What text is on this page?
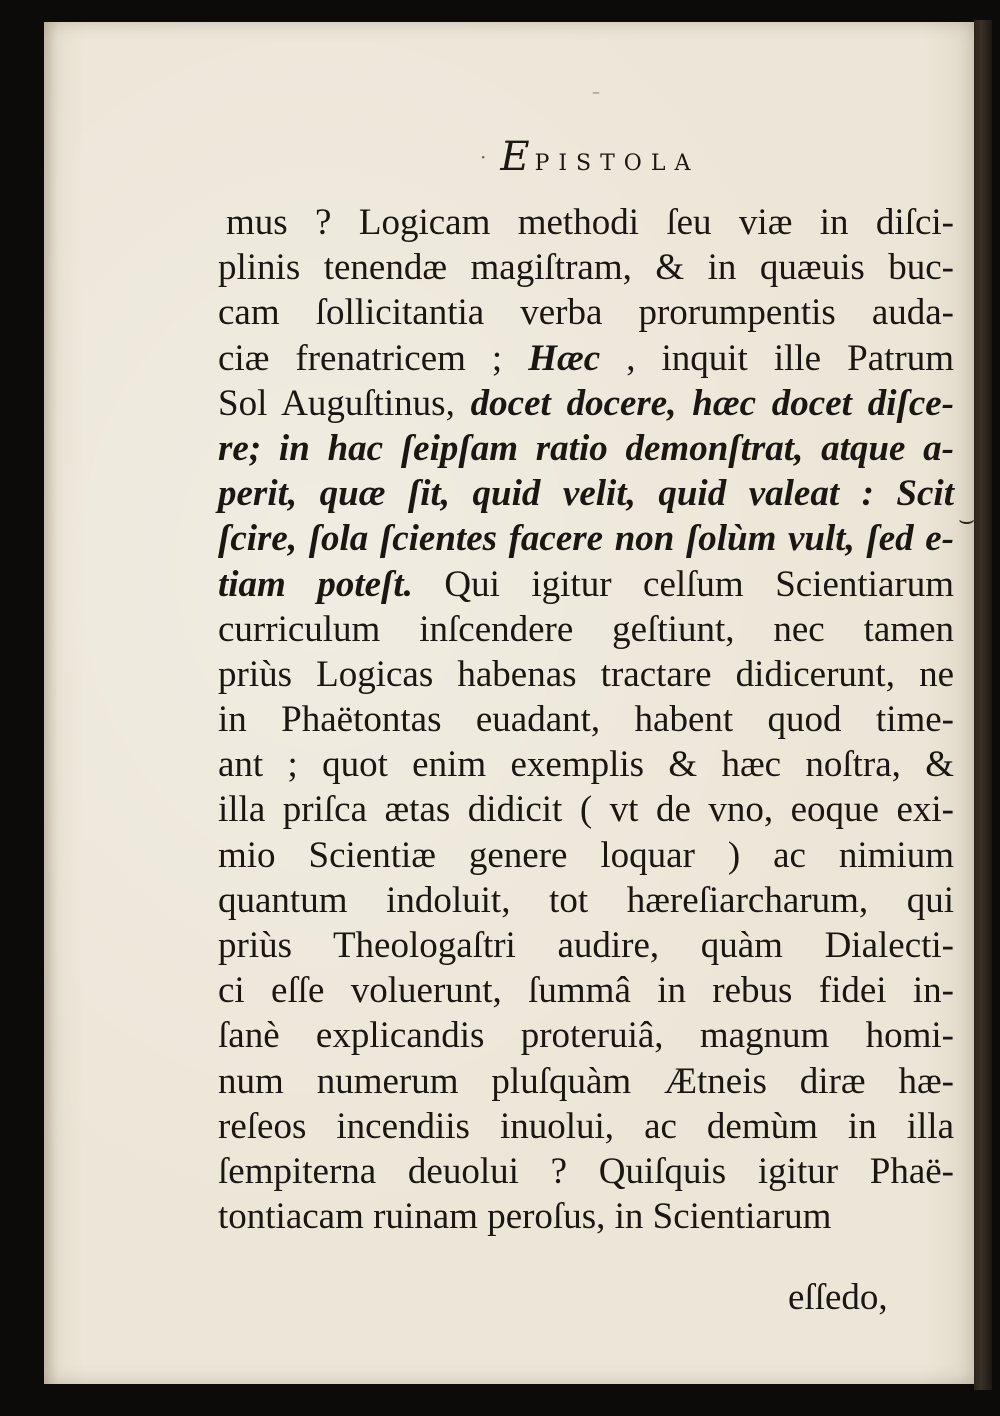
–
· E PISTOLA
mus ? Logicam methodi ſeu viæ in diſci-
plinis tenendæ magiſtram, & in quæuis buc-
cam ſollicitantia verba prorumpentis auda-
ciæ frenatricem ; Hæc , inquit ille Patrum
Sol Auguſtinus, docet docere, hæc docet diſce-
re; in hac ſeipſam ratio demonſtrat, atque a-
perit, quæ ſit, quid velit, quid valeat : Scit
ſcire, ſola ſcientes facere non ſolùm vult, ſed e-
tiam poteſt. Qui igitur celſum Scientiarum
curriculum inſcendere geſtiunt, nec tamen
priùs Logicas habenas tractare didicerunt, ne
in Phaëtontas euadant, habent quod time-
ant ; quot enim exemplis & hæc noſtra, &
illa priſca ætas didicit ( vt de vno, eoque exi-
mio Scientiæ genere loquar ) ac nimium
quantum indoluit, tot hæreſiarcharum, qui
priùs Theologaſtri audire, quàm Dialecti-
ci eſſe voluerunt, ſummâ in rebus fidei in-
ſanè explicandis proteruiâ, magnum homi-
num numerum pluſquàm Ætneis diræ hæ-
reſeos incendiis inuolui, ac demùm in illa
ſempiterna deuolui ? Quiſquis igitur Phaë-
tontiacam ruinam peroſus, in Scientiarum
⌣
eſſedo,
